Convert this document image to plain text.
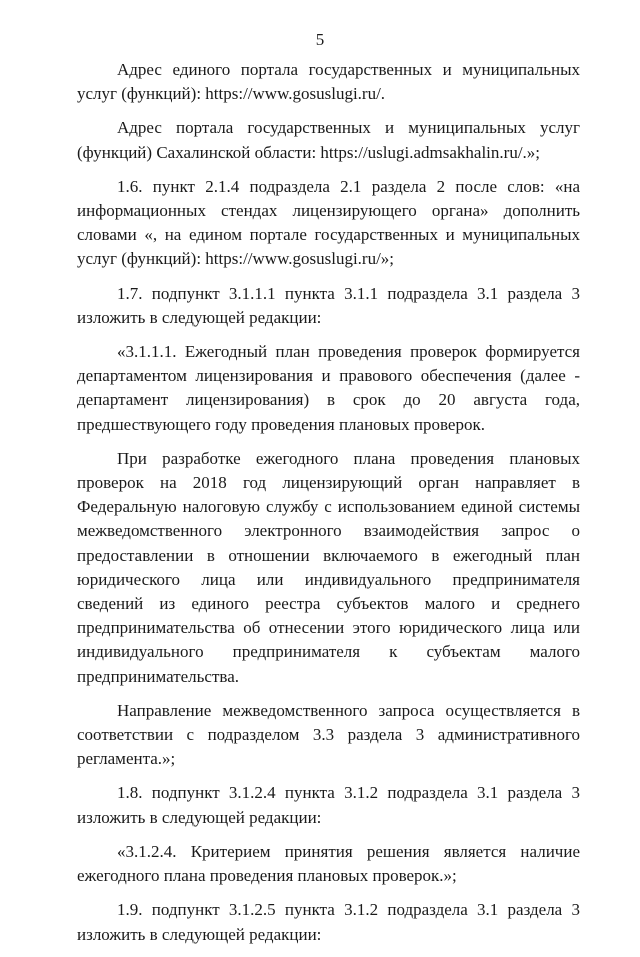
5

Адрес единого портала государственных и муниципальных услуг (функций): https://www.gosuslugi.ru/.

Адрес портала государственных и муниципальных услуг (функций) Сахалинской области: https://uslugi.admsakhalin.ru/.»;

1.6. пункт 2.1.4 подраздела 2.1 раздела 2 после слов: «на информационных стендах лицензирующего органа» дополнить словами «, на едином портале государственных и муниципальных услуг (функций): https://www.gosuslugi.ru/»;

1.7. подпункт 3.1.1.1 пункта 3.1.1 подраздела 3.1 раздела 3 изложить в следующей редакции:

«3.1.1.1. Ежегодный план проведения проверок формируется департаментом лицензирования и правового обеспечения (далее - департамент лицензирования) в срок до 20 августа года, предшествующего году проведения плановых проверок.

При разработке ежегодного плана проведения плановых проверок на 2018 год лицензирующий орган направляет в Федеральную налоговую службу с использованием единой системы межведомственного электронного взаимодействия запрос о предоставлении в отношении включаемого в ежегодный план юридического лица или индивидуального предпринимателя сведений из единого реестра субъектов малого и среднего предпринимательства об отнесении этого юридического лица или индивидуального предпринимателя к субъектам малого предпринимательства.

Направление межведомственного запроса осуществляется в соответствии с подразделом 3.3 раздела 3 административного регламента.»;

1.8. подпункт 3.1.2.4 пункта 3.1.2 подраздела 3.1 раздела 3 изложить в следующей редакции:

«3.1.2.4. Критерием принятия решения является наличие ежегодного плана проведения плановых проверок.»;

1.9. подпункт 3.1.2.5 пункта 3.1.2 подраздела 3.1 раздела 3 изложить в следующей редакции:
